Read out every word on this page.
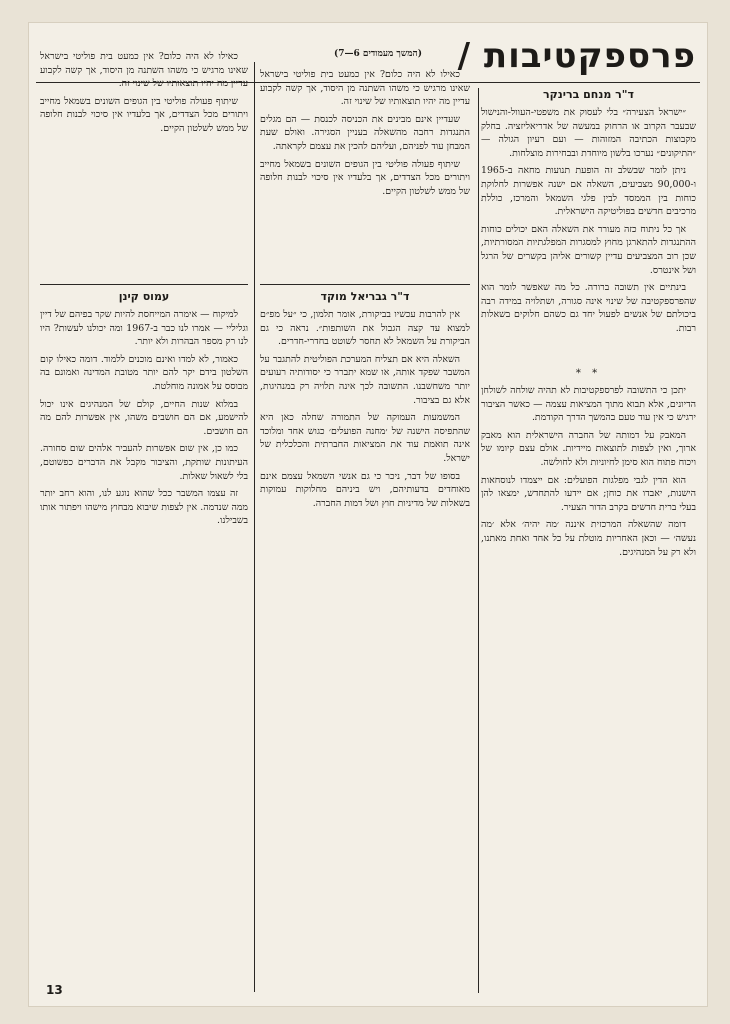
פרספקטיבות /
(המשך מעמודים 6—7)
ד"ר מנחם ברינקר

״ישראל הצעירה״ בלי לעסוק את משפטי-העוול-והנישול שבעבר הקרוב או הרחוק במעשה של אדריאליזציה. בחלק מקבוצות הכתיבה המזוהות — ועם רעיון הגולה — ״התיקונים״ נערכו בלשון מיוחדת ובבחירות מוצלחות.

ניתן לומר שבשלב זה הופעת תנועות מחאה ב-1965 ו-90,000 מצביעים, השאלה אם ישנה אפשרות לחלוקת כוחות בין הממסד לבין פלגי השמאל והמרכז, כוללת מרכיבים חדשים בפוליטיקה הישראלית.

אך כל ניתוח כזה מעורר את השאלה האם יכולים כוחות ההתנגדות להתארגן מחוץ למסגרות המפלגתיות המסורתיות, שכן רוב המצביעים עדיין קשורים אליהן בקשרים של הרגל ושל אינטרס.

בינתיים אין תשובה ברורה. כל מה שאפשר לומר הוא שהפרספקטיבה של שינוי אינה סגורה, ושתלויה במידה רבה ביכולתם של אנשים לפעול יחד גם כשהם חלוקים בשאלות רבות.

* *

יתכן כי התשובה לפרספקטיבות לא תהיה שולחה לשולחן הדיונים, אלא תבוא מתוך המציאות עצמה — כאשר הציבור ירגיש כי אין עוד טעם בהמשך הדרך הקודמת.

המאבק על דמותה של החברה הישראלית הוא מאבק ארוך, ואין לצפות לתוצאות מיידיות. אולם עצם קיומו של ויכוח פתוח הוא סימן לחיוניות ולא לחולשה.

הוא הדין לגבי מפלגות הפועלים: אם ייצמדו לנוסחאות הישנות, יאבדו את כוחן; אם יידעו להתחדש, ימצאו להן בעלי ברית חדשים בקרב הדור הצעיר.

דומה שהשאלה המרכזית איננה ׳מה יהיה׳ אלא ׳מה נעשה׳ — וכאן האחריות מוטלת על כל אחד ואחת מאתנו, ולא רק על המנהיגים.

כאילו לא היה כלום? אין כמעט בית פוליטי בישראל שאינו מרגיש כי משהו השתנה מן היסוד, אך קשה לקבוע עדיין מה יהיו תוצאותיו של שינוי זה.

שעדיין אינם מבינים את הכניסה לכנסת — הם מגלים התנגדות רחבה מהשאלה בעניין הסגירה. ואולם שעת המבחן עוד לפניהם, ועליהם להכין את עצמם לקראתה.

שיתוף פעולה פוליטי בין הגופים השונים בשמאל מחייב ויתורים מכל הצדדים, אך בלעדיו אין סיכוי לבנות חלופה של ממש לשלטון הקיים.

ד"ר גבריאל מוקד

אין להרבות עכשיו בביקורת, אומר תלמון, כי ״על מפ״ם למצוא עד קצה הגבול את השותפות״. נראה כי גם הביקורת על השמאל לא תחסר לשוטט בחדרי-חדרים.

השאלה היא אם תצליח המערכת הפוליטית להתגבר על המשבר שפקד אותה, או שמא יתברר כי יסודותיה רעועים יותר משחשבנו. התשובה לכך אינה תלויה רק במנהיגות, אלא גם בציבור.

המשמעות העמוקה של התמורה שחלה כאן היא שהתפיסה הישנה של ׳מחנה הפועלים׳ כגוש אחד ומלוכד אינה תואמת עוד את המציאות החברתית והכלכלית של ישראל.

בסופו של דבר, ניכר כי גם אנשי השמאל עצמם אינם מאוחדים בדעותיהם, ויש ביניהם מחלוקות עמוקות בשאלות של מדיניות חוץ ושל דמות החברה.

כאילו לא היה כלום? אין כמעט בית פוליטי בישראל שאינו מרגיש כי משהו השתנה מן היסוד, אך קשה לקבוע עדיין מה יהיו תוצאותיו של שינוי זה.

שיתוף פעולה פוליטי בין הגופים השונים בשמאל מחייב ויתורים מכל הצדדים, אך בלעדיו אין סיכוי לבנות חלופה של ממש לשלטון הקיים.

עמוס קינן

למיקוח — אימרה המייחסת להיות שקר בפיהם של דיין וגליליי — אמרו לנו כבר ב-1967 ומה יכולנו לעשות? היו לנו רק מספר הבהרות ולא יותר.

כאמור, לא למדו ואינם מוכנים ללמוד. דומה כאילו קום השלטון בידם יקר להם יותר מטובת המדינה ואמונם בה מבוסס על אמונה מוחלטת.

במלוא שנות החיים, קולם של המנהיגים אינו יכול להישמע, אם הם חושבים משהו, אין אפשרות להם מה הם חושבים.

כמו כן, אין שום אפשרות להעביר אלהים שום סחורה. העיתונות שותקת, והציבור מקבל את הדברים כפשוטם, בלי לשאול שאלות.

זה עצמו המשבר ככל שהוא נוגע לנו, והוא רחב יותר ממה שנדמה. אין לצפות שיבוא מבחוץ מישהו ויפתור אותו בשבילנו.

13
